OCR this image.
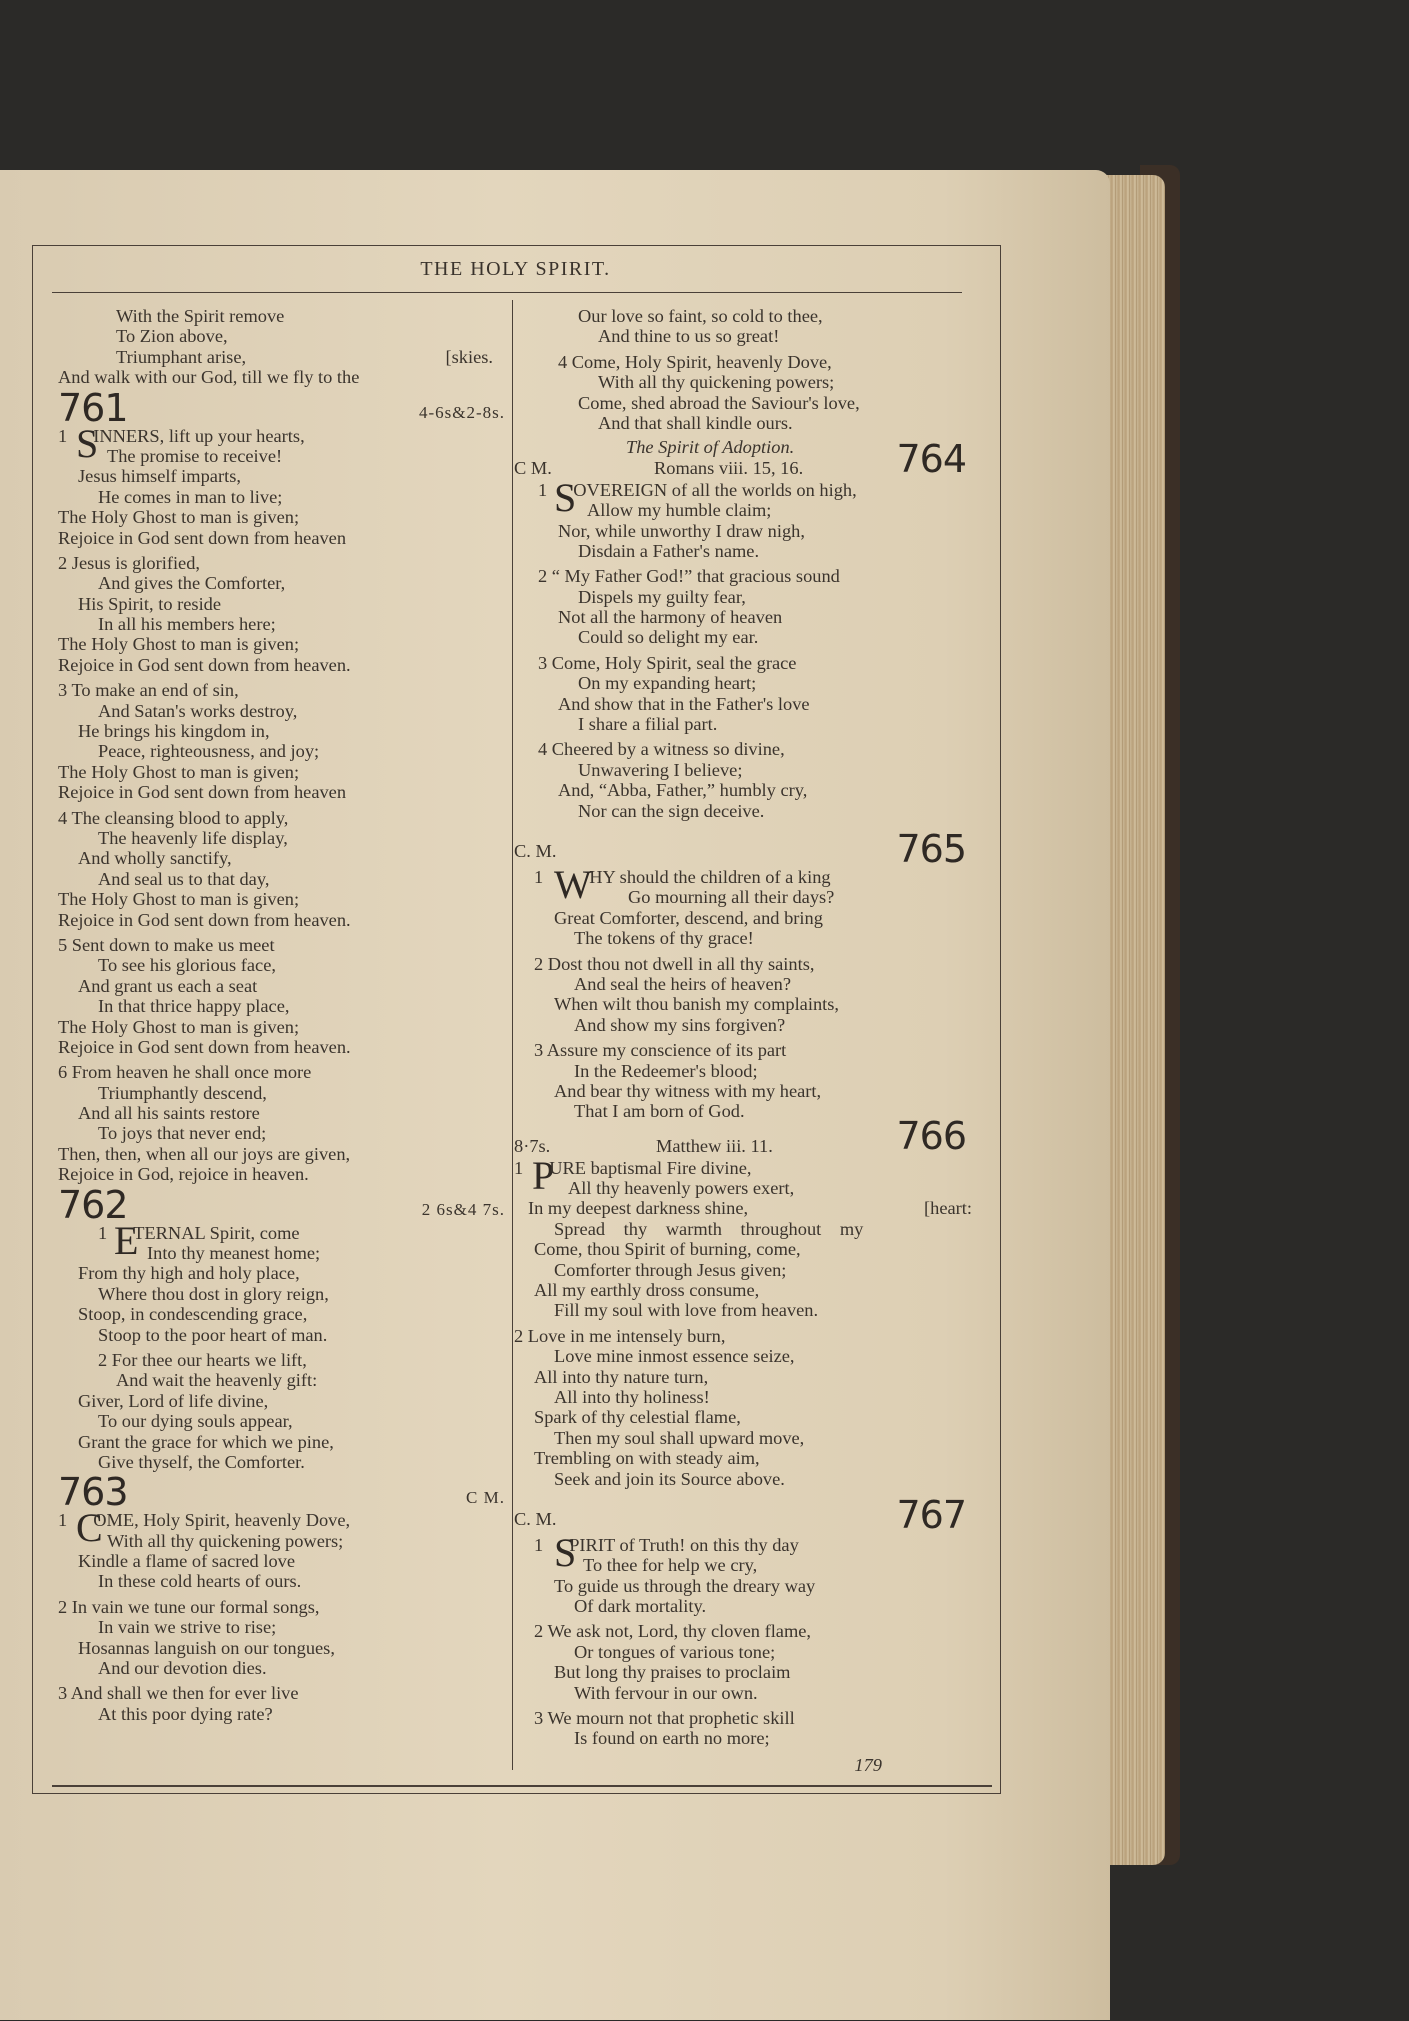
THE HOLY SPIRIT.
With the Spirit remove
To Zion above,
Triumphant arise,	[skies.
And walk with our God, till we fly to the
761	4-6s&2-8s.
S
1 INNERS, lift up your hearts,
The promise to receive!
Jesus himself imparts,
He comes in man to live;
The Holy Ghost to man is given;
Rejoice in God sent down from heaven
2 Jesus is glorified,
And gives the Comforter,
His Spirit, to reside
In all his members here;
The Holy Ghost to man is given;
Rejoice in God sent down from heaven.
3 To make an end of sin,
And Satan's works destroy,
He brings his kingdom in,
Peace, righteousness, and joy;
The Holy Ghost to man is given;
Rejoice in God sent down from heaven
4 The cleansing blood to apply,
The heavenly life display,
And wholly sanctify,
And seal us to that day,
The Holy Ghost to man is given;
Rejoice in God sent down from heaven.
5 Sent down to make us meet
To see his glorious face,
And grant us each a seat
In that thrice happy place,
The Holy Ghost to man is given;
Rejoice in God sent down from heaven.
6 From heaven he shall once more
Triumphantly descend,
And all his saints restore
To joys that never end;
Then, then, when all our joys are given,
Rejoice in God, rejoice in heaven.
762	2 6s&4 7s.
E
1 TERNAL Spirit, come
Into thy meanest home;
From thy high and holy place,
Where thou dost in glory reign,
Stoop, in condescending grace,
Stoop to the poor heart of man.
2 For thee our hearts we lift,
And wait the heavenly gift:
Giver, Lord of life divine,
To our dying souls appear,
Grant the grace for which we pine,
Give thyself, the Comforter.
763	C M.
C
1 OME, Holy Spirit, heavenly Dove,
With all thy quickening powers;
Kindle a flame of sacred love
In these cold hearts of ours.
2 In vain we tune our formal songs,
In vain we strive to rise;
Hosannas languish on our tongues,
And our devotion dies.
3 And shall we then for ever live
At this poor dying rate?
Our love so faint, so cold to thee,
And thine to us so great!
4 Come, Holy Spirit, heavenly Dove,
With all thy quickening powers;
Come, shed abroad the Saviour's love,
And that shall kindle ours.
The Spirit of Adoption.
C M.	Romans viii. 15, 16. 764
S
1 OVEREIGN of all the worlds on high,
Allow my humble claim;
Nor, while unworthy I draw nigh,
Disdain a Father's name.
2 “ My Father God!” that gracious sound
Dispels my guilty fear,
Not all the harmony of heaven
Could so delight my ear.
3 Come, Holy Spirit, seal the grace
On my expanding heart;
And show that in the Father's love
I share a filial part.
4 Cheered by a witness so divine,
Unwavering I believe;
And, “Abba, Father,” humbly cry,
Nor can the sign deceive.
C. M.	765
W
1	HY should the children of a king
Go mourning all their days?
Great Comforter, descend, and bring
The tokens of thy grace!
2 Dost thou not dwell in all thy saints,
And seal the heirs of heaven?
When wilt thou banish my complaints,
And show my sins forgiven?
3 Assure my conscience of its part
In the Redeemer's blood;
And bear thy witness with my heart,
That I am born of God.
8·7s.	Matthew iii. 11.	766
P
1 URE baptismal Fire divine,
All thy heavenly powers exert,
In my deepest darkness shine,	[heart:
Spread thy warmth throughout my
Come, thou Spirit of burning, come,
Comforter through Jesus given;
All my earthly dross consume,
Fill my soul with love from heaven.
2 Love in me intensely burn,
Love mine inmost essence seize,
All into thy nature turn,
All into thy holiness!
Spark of thy celestial flame,
Then my soul shall upward move,
Trembling on with steady aim,
Seek and join its Source above.
C. M.	767
S
1 PIRIT of Truth! on this thy day
To thee for help we cry,
To guide us through the dreary way
Of dark mortality.
2 We ask not, Lord, thy cloven flame,
Or tongues of various tone;
But long thy praises to proclaim
With fervour in our own.
3 We mourn not that prophetic skill
Is found on earth no more;
179
